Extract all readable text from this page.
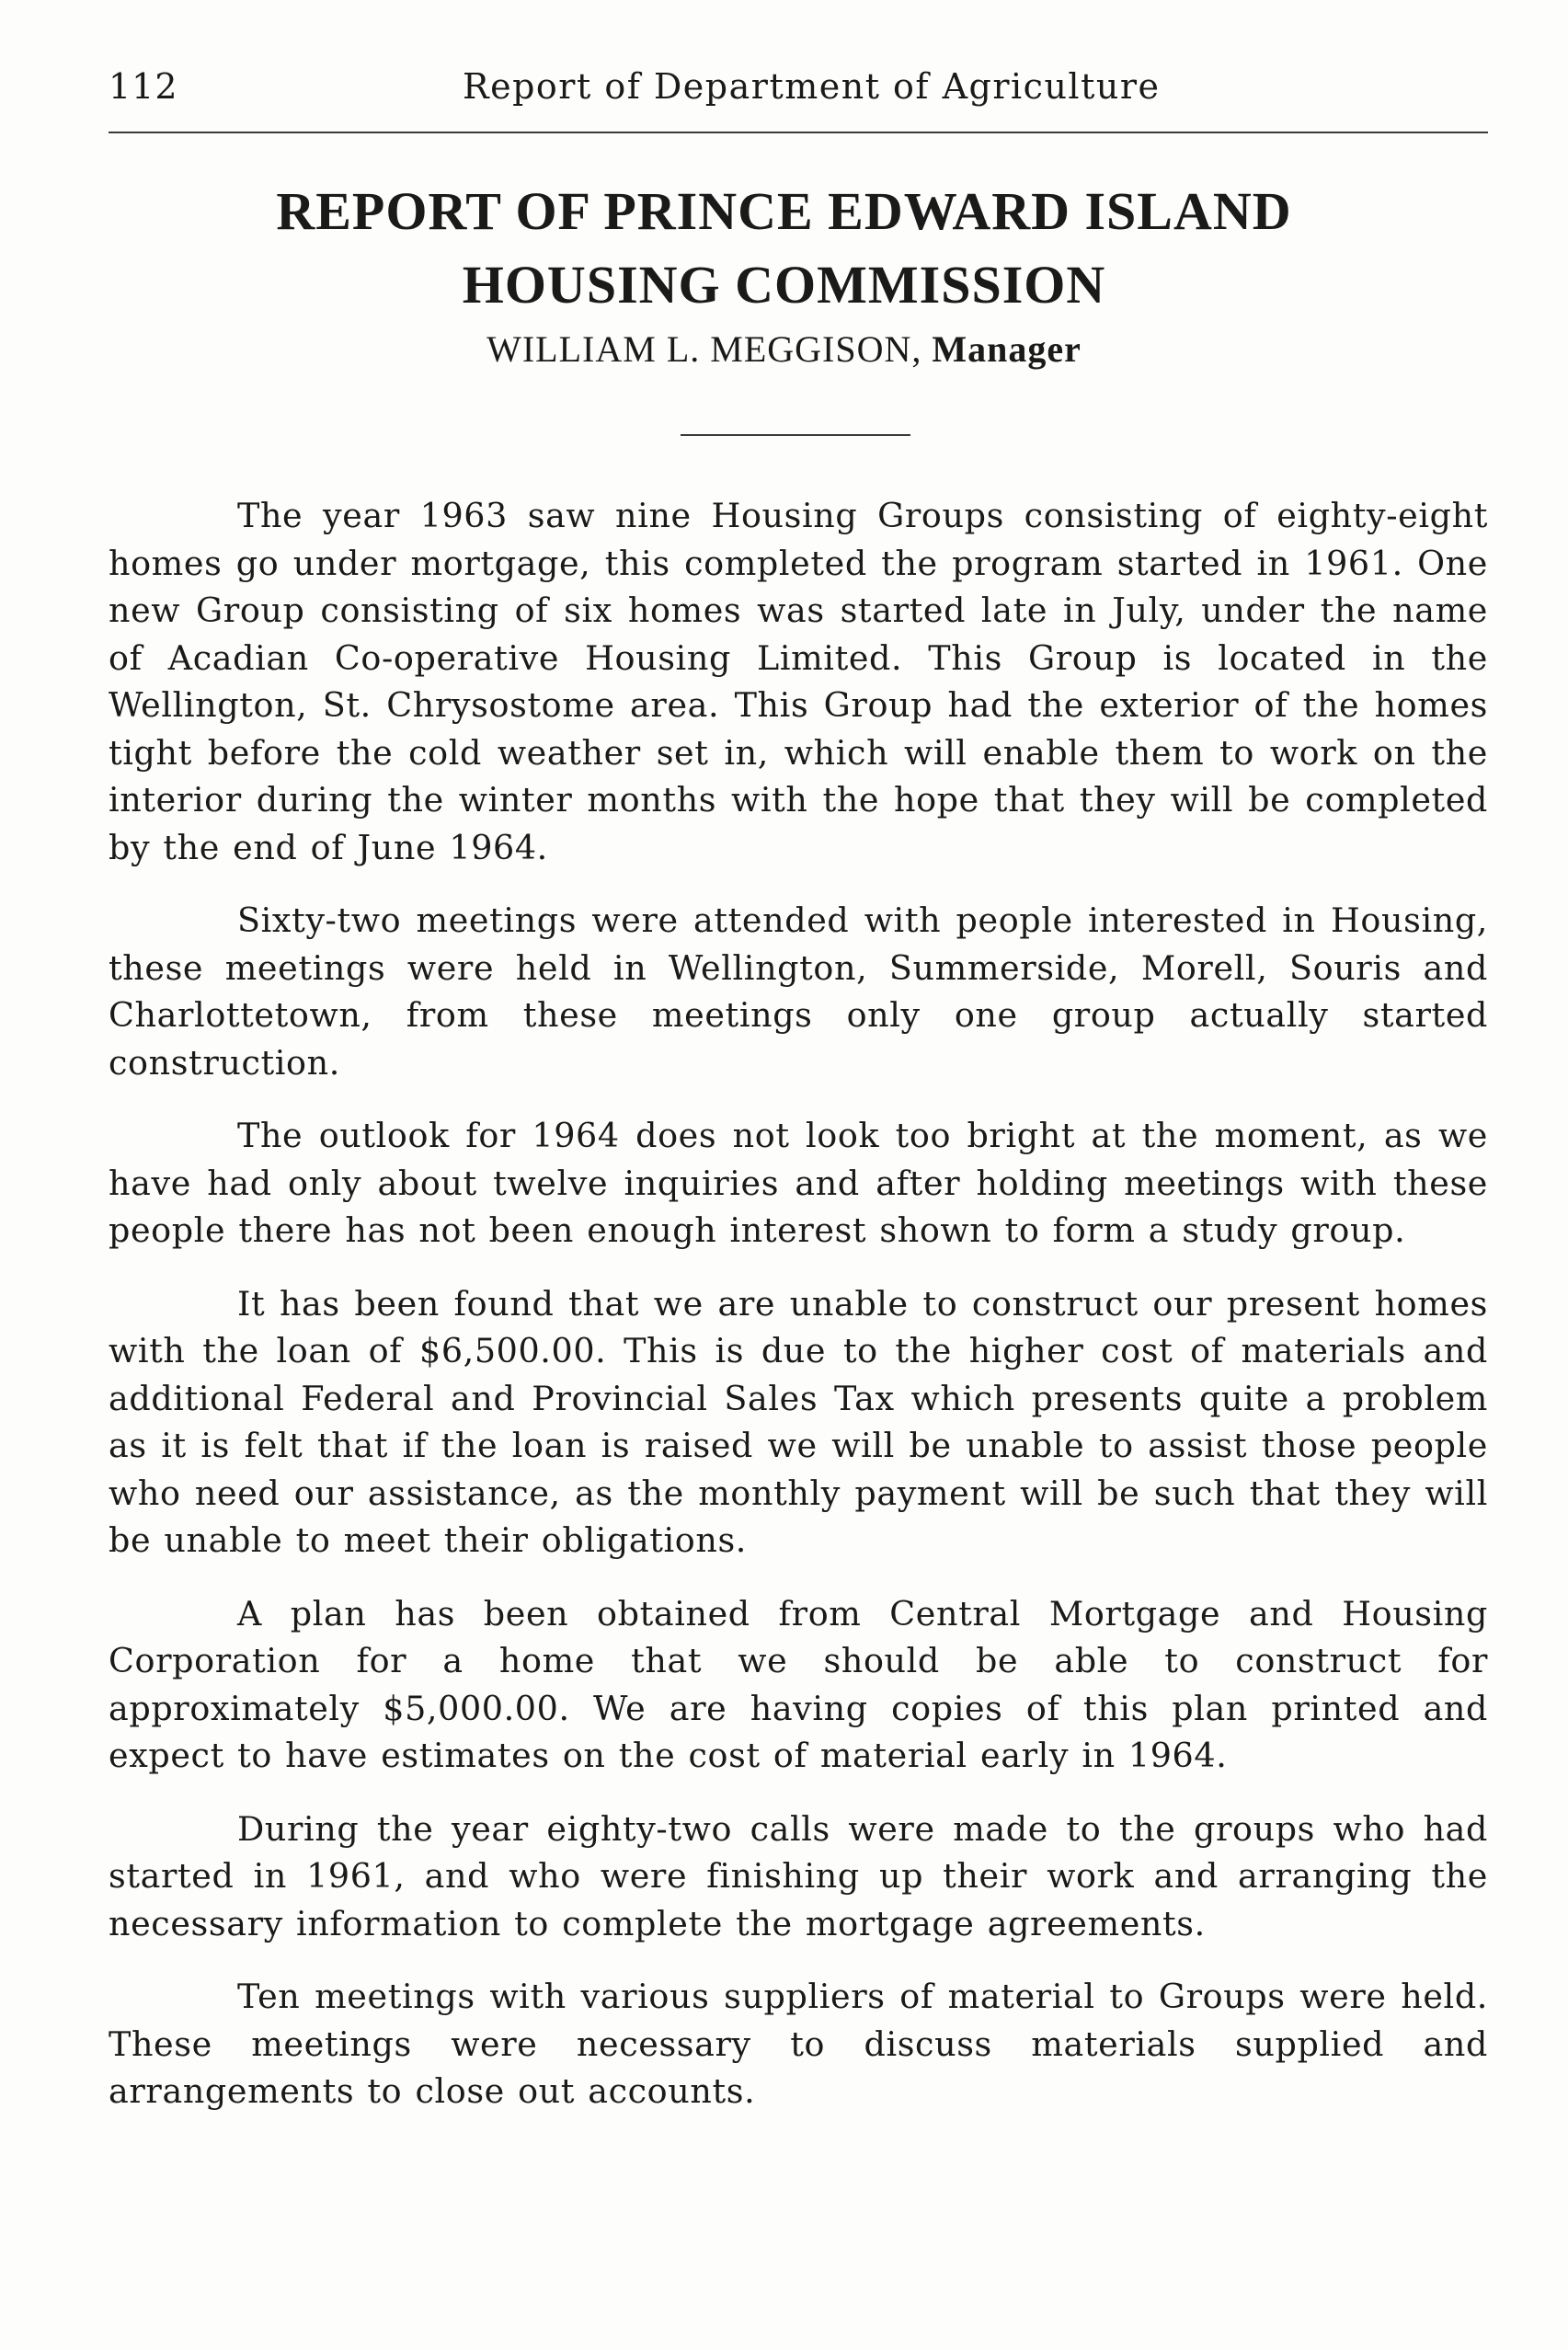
112	Report of Department of Agriculture
REPORT OF PRINCE EDWARD ISLAND
HOUSING COMMISSION
WILLIAM L. MEGGISON, Manager

The year 1963 saw nine Housing Groups consisting of eighty-eight homes go under mortgage, this completed the program started in 1961. One new Group consisting of six homes was started late in July, under the name of Acadian Co-operative Housing Limited. This Group is located in the Wellington, St. Chrysostome area. This Group had the exterior of the homes tight before the cold weather set in, which will enable them to work on the interior during the winter months with the hope that they will be completed by the end of June 1964.

Sixty-two meetings were attended with people interested in Housing, these meetings were held in Wellington, Summerside, Morell, Souris and Charlottetown, from these meetings only one group actually started construction.

The outlook for 1964 does not look too bright at the moment, as we have had only about twelve inquiries and after holding meetings with these people there has not been enough interest shown to form a study group.

It has been found that we are unable to construct our present homes with the loan of $6,500.00. This is due to the higher cost of materials and additional Federal and Provincial Sales Tax which presents quite a problem as it is felt that if the loan is raised we will be unable to assist those people who need our assistance, as the monthly payment will be such that they will be unable to meet their obligations.

A plan has been obtained from Central Mortgage and Housing Corporation for a home that we should be able to construct for approximately $5,000.00. We are having copies of this plan printed and expect to have estimates on the cost of material early in 1964.

During the year eighty-two calls were made to the groups who had started in 1961, and who were finishing up their work and arranging the necessary information to complete the mortgage agreements.

Ten meetings with various suppliers of material to Groups were held. These meetings were necessary to discuss materials supplied and arrangements to close out accounts.
